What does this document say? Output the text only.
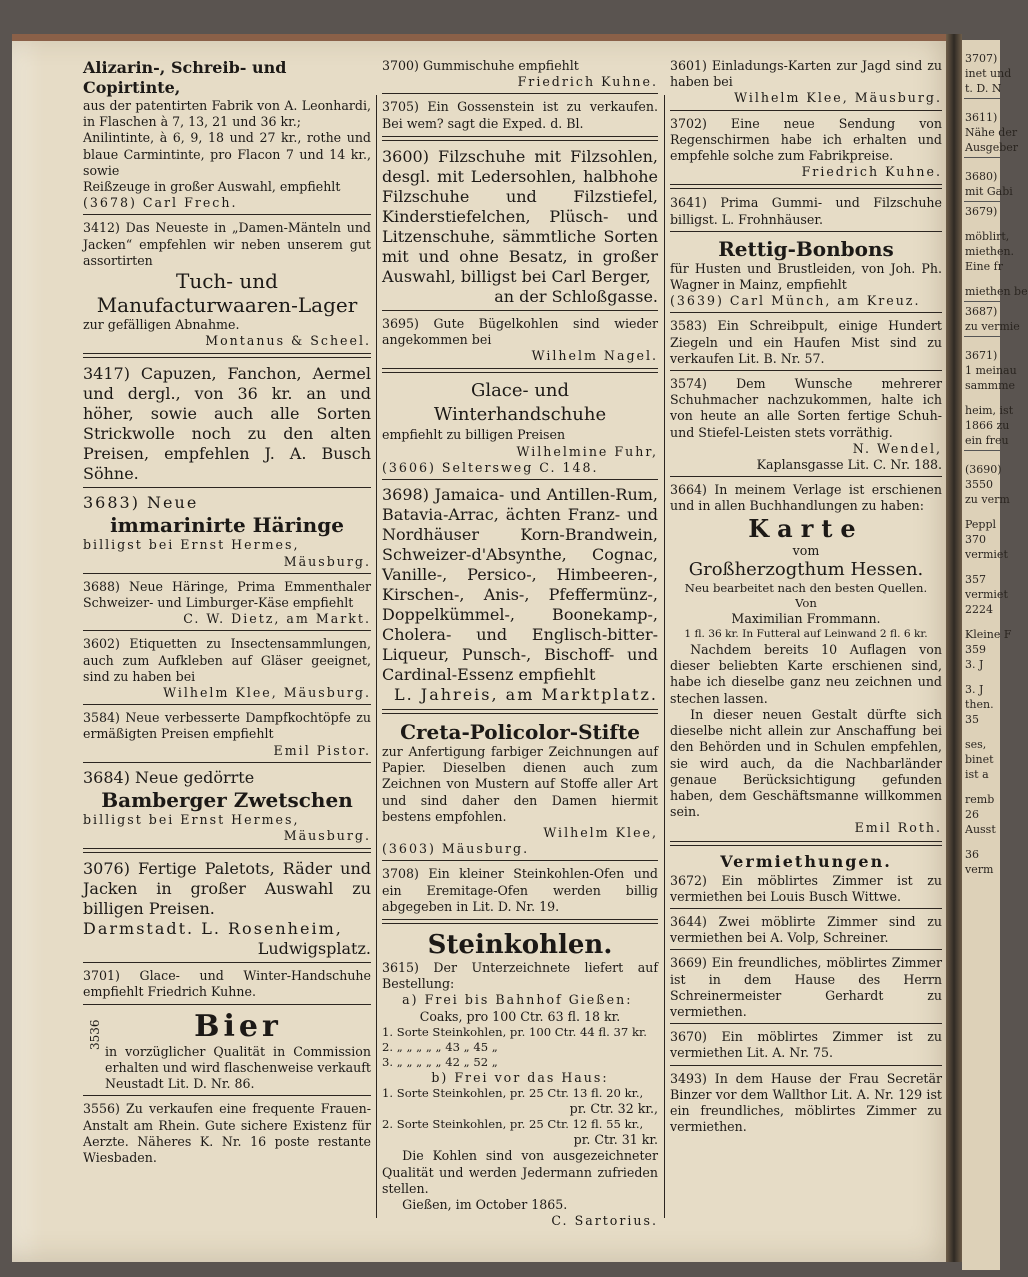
3707)
inet und
t. D. N
3611)
Nähe der
Ausgeber
3680)
mit Gabi
3679)
möblirt,
miethen.
Eine fr
miethen be
3687)
zu vermie
3671)
1 meinau
sammme
heim, ist
1866 zu
ein freu
(3690)
3550
zu verm
Peppl
370
vermiet
357
vermiet
2224
Kleine F
359
3. J
3. J
then.
35
ses,
binet
ist a
remb
26
Ausst
36
verm

Alizarin-, Schreib- und Copirtinte,

aus der patentirten Fabrik von A. Leonhardi, in Flaschen à 7, 13, 21 und 36 kr.;

Anilintinte, à 6, 9, 18 und 27 kr., rothe und blaue Carmintinte, pro Flacon 7 und 14 kr., sowie

Reißzeuge in großer Auswahl, empfiehlt

(3678) Carl Frech.

3412) Das Neueste in „Damen-Mänteln und Jacken“ empfehlen wir neben unserem gut assortirten

Tuch- und Manufacturwaaren-Lager

zur gefälligen Abnahme.

Montanus & Scheel.

3417) Capuzen, Fanchon, Aermel und dergl., von 36 kr. an und höher, sowie auch alle Sorten Strickwolle noch zu den alten Preisen, empfehlen J. A. Busch Söhne.

3683) Neue

immarinirte Häringe

billigst bei Ernst Hermes,

Mäusburg.

3688) Neue Häringe, Prima Emmenthaler Schweizer- und Limburger-Käse empfiehlt

C. W. Dietz, am Markt.

3602) Etiquetten zu Insectensammlungen, auch zum Aufkleben auf Gläser geeignet, sind zu haben bei

Wilhelm Klee, Mäusburg.

3584) Neue verbesserte Dampfkochtöpfe zu ermäßigten Preisen empfiehlt

Emil Pistor.

3684) Neue gedörrte

Bamberger Zwetschen

billigst bei Ernst Hermes,

Mäusburg.

3076) Fertige Paletots, Räder und Jacken in großer Auswahl zu billigen Preisen.

Darmstadt. L. Rosenheim,

Ludwigsplatz.

3701) Glace- und Winter-Handschuhe empfiehlt Friedrich Kuhne.

3536	Bier

in vorzüglicher Qualität in Commission erhalten und wird flaschenweise verkauft Neustadt Lit. D. Nr. 86.

3556) Zu verkaufen eine frequente Frauen-Anstalt am Rhein. Gute sichere Existenz für Aerzte. Näheres K. Nr. 16 poste restante Wiesbaden.

3700) Gummischuhe empfiehlt

Friedrich Kuhne.

3705) Ein Gossenstein ist zu verkaufen. Bei wem? sagt die Exped. d. Bl.

3600) Filzschuhe mit Filzsohlen, desgl. mit Ledersohlen, halbhohe Filzschuhe und Filzstiefel, Kinderstiefelchen, Plüsch- und Litzenschuhe, sämmtliche Sorten mit und ohne Besatz, in großer Auswahl, billigst bei Carl Berger,

an der Schloßgasse.

3695) Gute Bügelkohlen sind wieder angekommen bei

Wilhelm Nagel.

Glace- und Winterhandschuhe

empfiehlt zu billigen Preisen

Wilhelmine Fuhr,

(3606) Seltersweg C. 148.

3698) Jamaica- und Antillen-Rum, Batavia-Arrac, ächten Franz- und Nordhäuser Korn-Brandwein, Schweizer-d'Absynthe, Cognac, Vanille-, Persico-, Himbeeren-, Kirschen-, Anis-, Pfeffermünz-, Doppelkümmel-, Boonekamp-, Cholera- und Englisch-bitter-Liqueur, Punsch-, Bischoff- und Cardinal-Essenz empfiehlt

L. Jahreis, am Marktplatz.

Creta-Policolor-Stifte

zur Anfertigung farbiger Zeichnungen auf Papier. Dieselben dienen auch zum Zeichnen von Mustern auf Stoffe aller Art und sind daher den Damen hiermit bestens empfohlen.

Wilhelm Klee,

(3603) Mäusburg.

3708) Ein kleiner Steinkohlen-Ofen und ein Eremitage-Ofen werden billig abgegeben in Lit. D. Nr. 19.

Steinkohlen.

3615) Der Unterzeichnete liefert auf Bestellung:

a) Frei bis Bahnhof Gießen:

Coaks, pro 100 Ctr. 63 fl. 18 kr.

1. Sorte Steinkohlen, pr. 100 Ctr. 44 fl. 37 kr.

2. „ „ „ „ „ 43 „ 45 „

3. „ „ „ „ „ 42 „ 52 „

b) Frei vor das Haus:

1. Sorte Steinkohlen, pr. 25 Ctr. 13 fl. 20 kr.,

pr. Ctr. 32 kr.,

2. Sorte Steinkohlen, pr. 25 Ctr. 12 fl. 55 kr.,

pr. Ctr. 31 kr.

Die Kohlen sind von ausgezeichneter Qualität und werden Jedermann zufrieden stellen.

Gießen, im October 1865.

C. Sartorius.

3601) Einladungs-Karten zur Jagd sind zu haben bei

Wilhelm Klee, Mäusburg.

3702) Eine neue Sendung von Regenschirmen habe ich erhalten und empfehle solche zum Fabrikpreise.

Friedrich Kuhne.

3641) Prima Gummi- und Filzschuhe billigst. L. Frohnhäuser.

Rettig-Bonbons

für Husten und Brustleiden, von Joh. Ph. Wagner in Mainz, empfiehlt

(3639) Carl Münch, am Kreuz.

3583) Ein Schreibpult, einige Hundert Ziegeln und ein Haufen Mist sind zu verkaufen Lit. B. Nr. 57.

3574) Dem Wunsche mehrerer Schuhmacher nachzukommen, halte ich von heute an alle Sorten fertige Schuh- und Stiefel-Leisten stets vorräthig.

N. Wendel,

Kaplansgasse Lit. C. Nr. 188.

3664) In meinem Verlage ist erschienen und in allen Buchhandlungen zu haben:

Karte

vom

Großherzogthum Hessen.

Neu bearbeitet nach den besten Quellen.

Von

Maximilian Frommann.

1 fl. 36 kr. In Futteral auf Leinwand 2 fl. 6 kr.

Nachdem bereits 10 Auflagen von dieser beliebten Karte erschienen sind, habe ich dieselbe ganz neu zeichnen und stechen lassen.

In dieser neuen Gestalt dürfte sich dieselbe nicht allein zur Anschaffung bei den Behörden und in Schulen empfehlen, sie wird auch, da die Nachbarländer genaue Berücksichtigung gefunden haben, dem Geschäftsmanne willkommen sein.

Emil Roth.

Vermiethungen.

3672) Ein möblirtes Zimmer ist zu vermiethen bei Louis Busch Wittwe.

3644) Zwei möblirte Zimmer sind zu vermiethen bei A. Volp, Schreiner.

3669) Ein freundliches, möblirtes Zimmer ist in dem Hause des Herrn Schreinermeister Gerhardt zu vermiethen.

3670) Ein möblirtes Zimmer ist zu vermiethen Lit. A. Nr. 75.

3493) In dem Hause der Frau Secretär Binzer vor dem Wallthor Lit. A. Nr. 129 ist ein freundliches, möblirtes Zimmer zu vermiethen.
